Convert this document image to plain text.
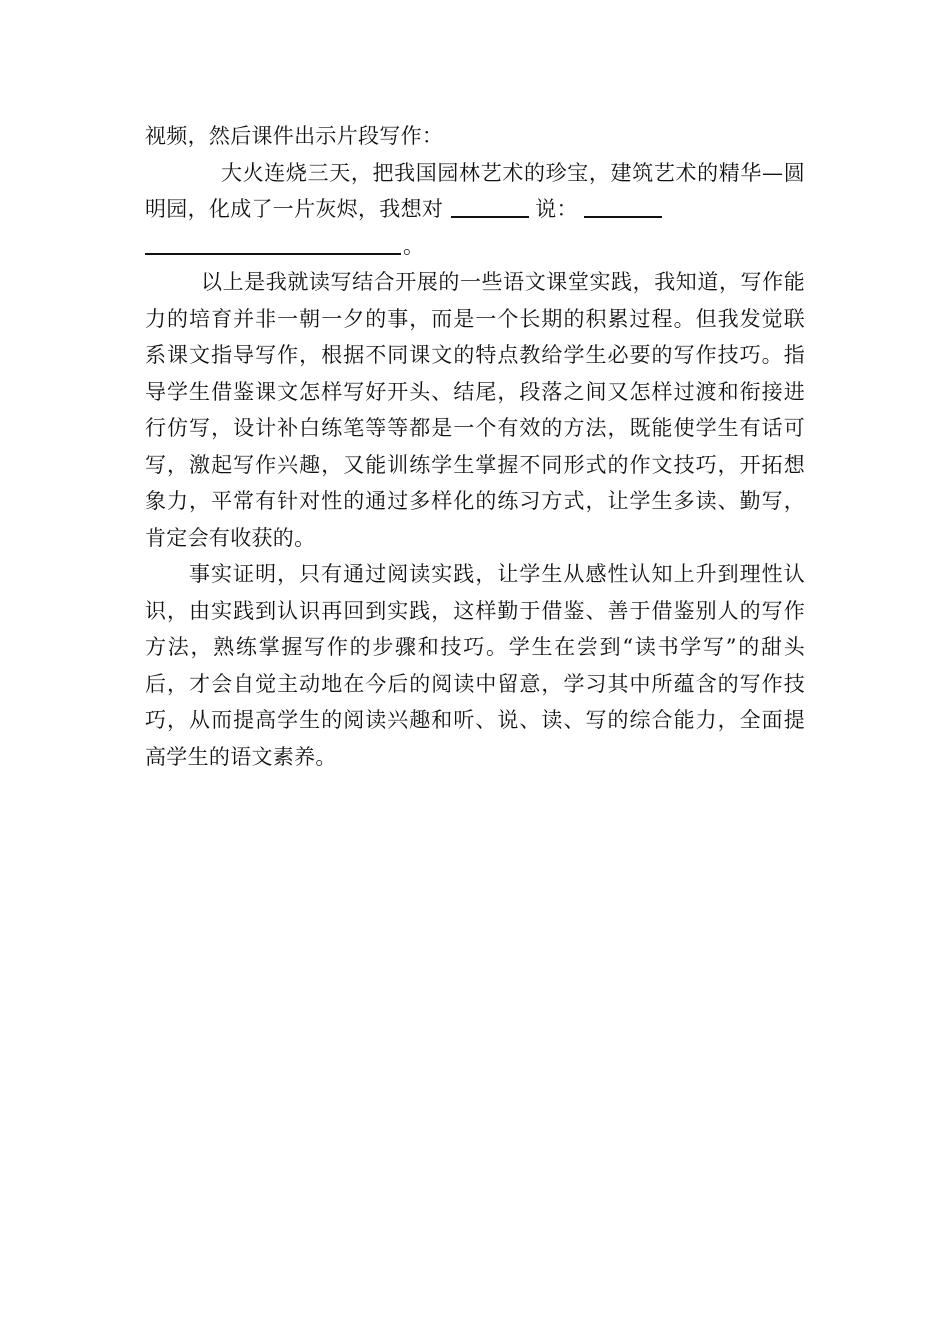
视频，然后课件出示片段写作：

大火连烧三天，把我国园林艺术的珍宝，建筑艺术的精华—圆明园，化成了一片灰烬，我想对	说：
。

以上是我就读写结合开展的一些语文课堂实践，我知道，写作能力的培育并非一朝一夕的事，而是一个长期的积累过程。但我发觉联系课文指导写作，根据不同课文的特点教给学生必要的写作技巧。指导学生借鉴课文怎样写好开头、结尾，段落之间又怎样过渡和衔接进行仿写，设计补白练笔等等都是一个有效的方法，既能使学生有话可写，激起写作兴趣，又能训练学生掌握不同形式的作文技巧，开拓想象力，平常有针对性的通过多样化的练习方式，让学生多读、勤写，肯定会有收获的。

事实证明，只有通过阅读实践，让学生从感性认知上升到理性认识，由实践到认识再回到实践，这样勤于借鉴、善于借鉴别人的写作方法，熟练掌握写作的步骤和技巧。学生在尝到“读书学写”的甜头后，才会自觉主动地在今后的阅读中留意，学习其中所蕴含的写作技巧，从而提高学生的阅读兴趣和听、说、读、写的综合能力，全面提高学生的语文素养。
